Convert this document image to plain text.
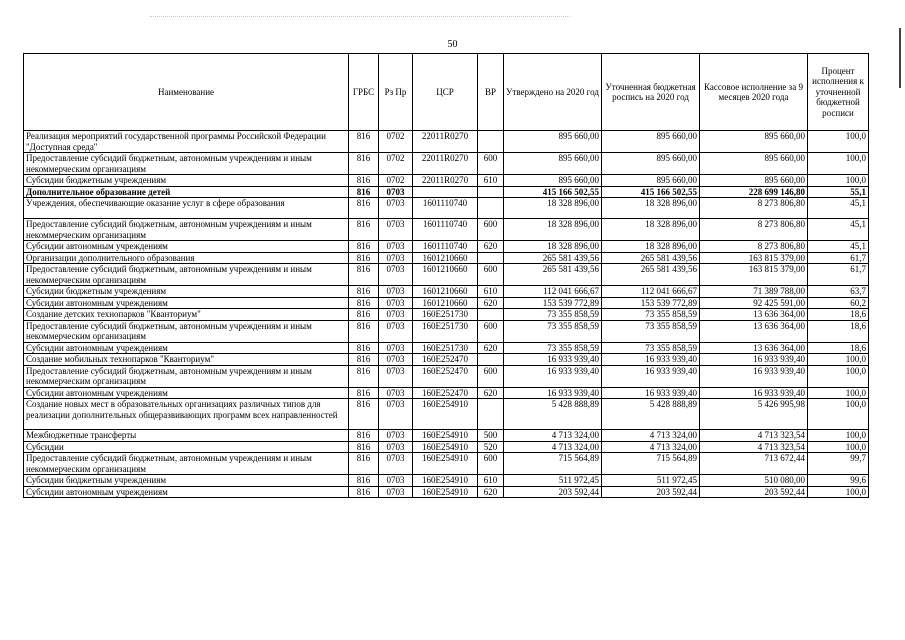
50
Наименование	ГРБС	Рз Пр	ЦСР	ВР	Утверждено на 2020 год	Уточненная бюджетная роспись на 2020 год	Кассовое исполнение за 9 месяцев 2020 года	Процент исполнения к уточненной бюджетной росписи
Реализация мероприятий государственной программы Российской Федерации "Доступная среда"	816	0702	22011R0270		895 660,00	895 660,00	895 660,00	100,0
Предоставление субсидий бюджетным, автономным учреждениям и иным некоммерческим организациям	816	0702	22011R0270	600	895 660,00	895 660,00	895 660,00	100,0
Субсидии бюджетным учреждениям	816	0702	22011R0270	610	895 660,00	895 660,00	895 660,00	100,0
Дополнительное образование детей	816	0703			415 166 502,55	415 166 502,55	228 699 146,80	55,1
Учреждения, обеспечивающие оказание услуг в сфере образования	816	0703	1601110740		18 328 896,00	18 328 896,00	8 273 806,80	45,1
Предоставление субсидий бюджетным, автономным учреждениям и иным некоммерческим организациям	816	0703	1601110740	600	18 328 896,00	18 328 896,00	8 273 806,80	45,1
Субсидии автономным учреждениям	816	0703	1601110740	620	18 328 896,00	18 328 896,00	8 273 806,80	45,1
Организации дополнительного образования	816	0703	1601210660		265 581 439,56	265 581 439,56	163 815 379,00	61,7
Предоставление субсидий бюджетным, автономным учреждениям и иным некоммерческим организациям	816	0703	1601210660	600	265 581 439,56	265 581 439,56	163 815 379,00	61,7
Субсидии бюджетным учреждениям	816	0703	1601210660	610	112 041 666,67	112 041 666,67	71 389 788,00	63,7
Субсидии автономным учреждениям	816	0703	1601210660	620	153 539 772,89	153 539 772,89	92 425 591,00	60,2
Создание детских технопарков "Кванториум"	816	0703	160E251730		73 355 858,59	73 355 858,59	13 636 364,00	18,6
Предоставление субсидий бюджетным, автономным учреждениям и иным некоммерческим организациям	816	0703	160E251730	600	73 355 858,59	73 355 858,59	13 636 364,00	18,6
Субсидии автономным учреждениям	816	0703	160E251730	620	73 355 858,59	73 355 858,59	13 636 364,00	18,6
Создание мобильных технопарков "Кванториум"	816	0703	160E252470		16 933 939,40	16 933 939,40	16 933 939,40	100,0
Предоставление субсидий бюджетным, автономным учреждениям и иным некоммерческим организациям	816	0703	160E252470	600	16 933 939,40	16 933 939,40	16 933 939,40	100,0
Субсидии автономным учреждениям	816	0703	160E252470	620	16 933 939,40	16 933 939,40	16 933 939,40	100,0
Создание новых мест в образовательных организациях различных типов для реализации дополнительных общеразвивающих программ всех направленностей	816	0703	160E254910		5 428 888,89	5 428 888,89	5 426 995,98	100,0
Межбюджетные трансферты	816	0703	160E254910	500	4 713 324,00	4 713 324,00	4 713 323,54	100,0
Субсидии	816	0703	160E254910	520	4 713 324,00	4 713 324,00	4 713 323,54	100,0
Предоставление субсидий бюджетным, автономным учреждениям и иным некоммерческим организациям	816	0703	160E254910	600	715 564,89	715 564,89	713 672,44	99,7
Субсидии бюджетным учреждениям	816	0703	160E254910	610	511 972,45	511 972,45	510 080,00	99,6
Субсидии автономным учреждениям	816	0703	160E254910	620	203 592,44	203 592,44	203 592,44	100,0
